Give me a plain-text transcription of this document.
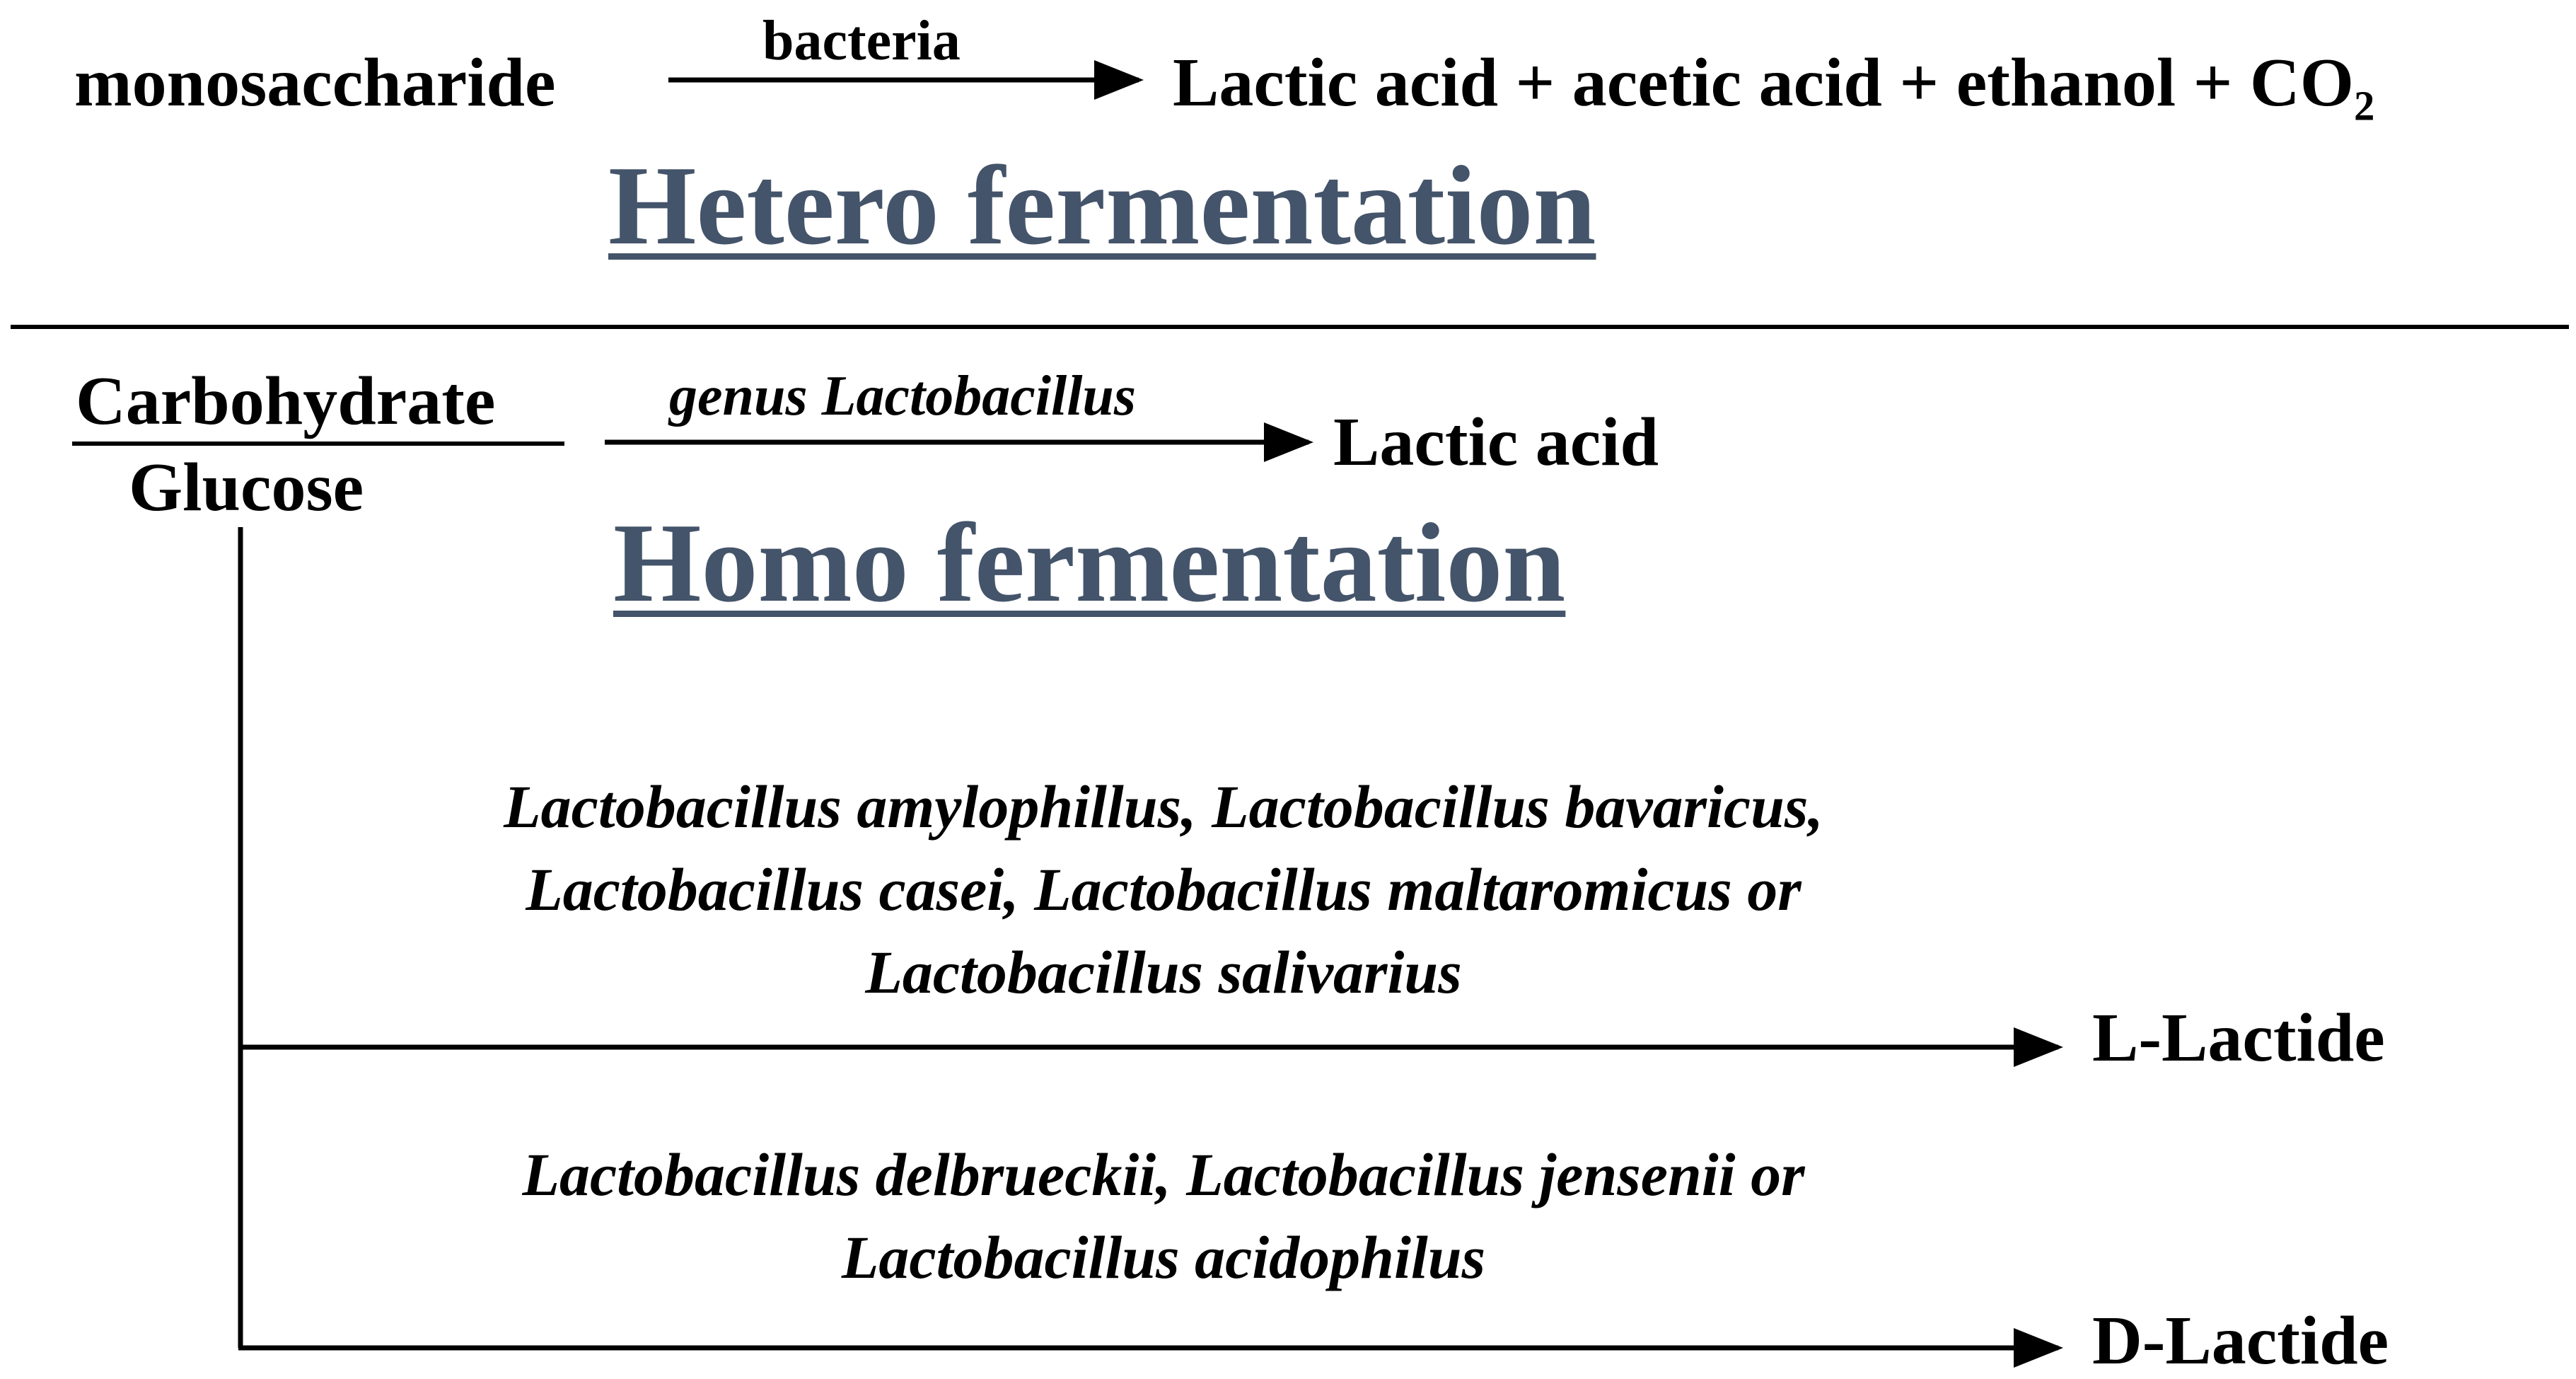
monosaccharide
bacteria
Lactic acid + acetic acid + ethanol + $CO_2$
Hetero fermentation
Carbohydrate
Glucose
genus Lactobacillus
Lactic acid
Homo fermentation
Lactobacillus amylophillus, Lactobacillus bavaricus,
Lactobacillus casei, Lactobacillus maltaromicus or
Lactobacillus salivarius
L-Lactide
Lactobacillus delbrueckii, Lactobacillus jensenii or
Lactobacillus acidophilus
D-Lactide
